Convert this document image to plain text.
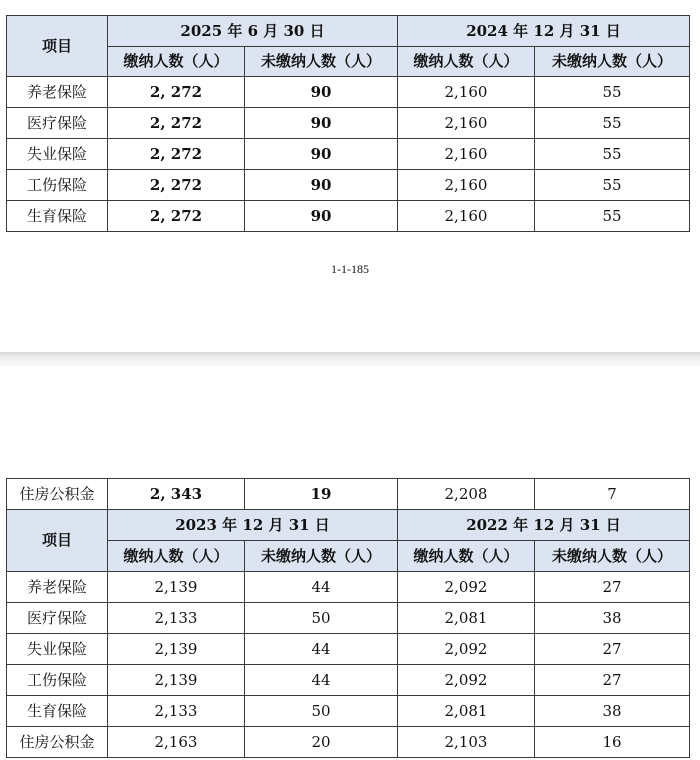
项目	2025 年 6 月 30 日		2024 年 12 月 31 日	
	缴纳人数（人）	未缴纳人数（人）	缴纳人数（人）	未缴纳人数（人）
养老保险	2, 272	90	2,160	55
医疗保险	2, 272	90	2,160	55
失业保险	2, 272	90	2,160	55
工伤保险	2, 272	90	2,160	55
生育保险	2, 272	90	2,160	55
1-1-185
住房公积金	2, 343	19	2,208	7
项目	2023 年 12 月 31 日		2022 年 12 月 31 日	
	缴纳人数（人）	未缴纳人数（人）	缴纳人数（人）	未缴纳人数（人）
养老保险	2,139	44	2,092	27
医疗保险	2,133	50	2,081	38
失业保险	2,139	44	2,092	27
工伤保险	2,139	44	2,092	27
生育保险	2,133	50	2,081	38
住房公积金	2,163	20	2,103	16
